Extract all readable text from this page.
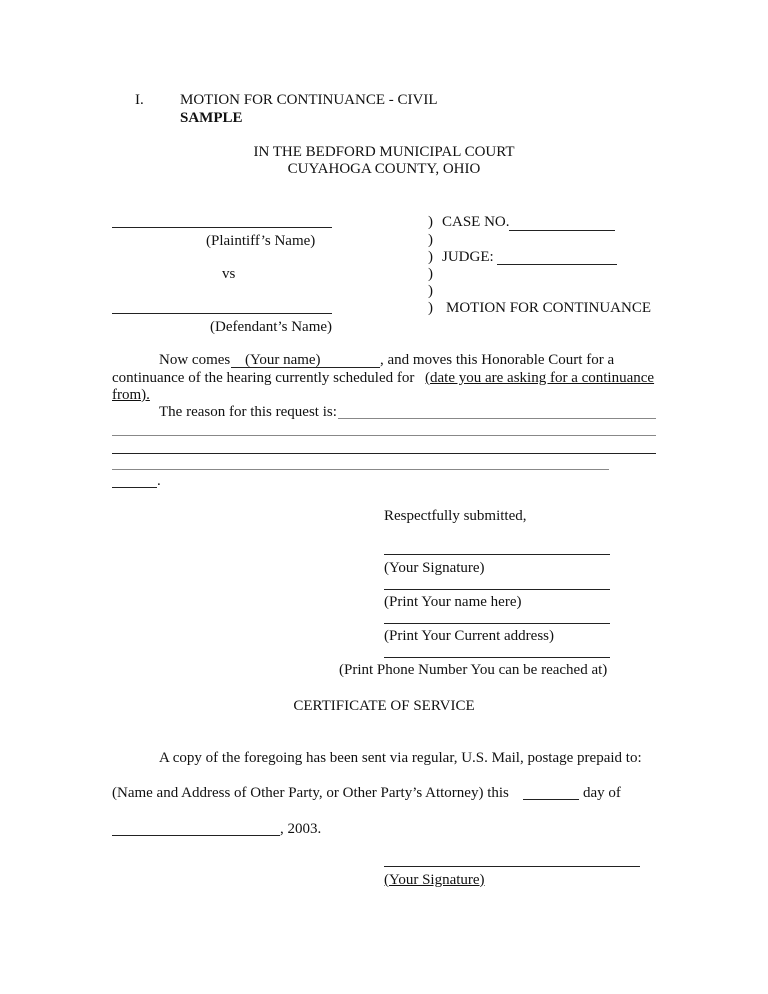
I. MOTION FOR CONTINUANCE - CIVIL
SAMPLE
IN THE BEDFORD MUNICIPAL COURT
CUYAHOGA COUNTY, OHIO
(Plaintiff’s Name)
vs
(Defendant’s Name)
)
)
)
)
)
)
CASE NO.
JUDGE:
MOTION FOR CONTINUANCE
Now comes (Your name)	, and moves this Honorable Court for a
continuance of the hearing currently scheduled for (date you are asking for a continuance
from).
The reason for this request is:
.
Respectfully submitted,
(Your Signature)
(Print Your name here)
(Print Your Current address)
(Print Phone Number You can be reached at)
CERTIFICATE OF SERVICE
A copy of the foregoing has been sent via regular, U.S. Mail, postage prepaid to:
(Name and Address of Other Party, or Other Party’s Attorney) this	day of
, 2003.
(Your Signature)
